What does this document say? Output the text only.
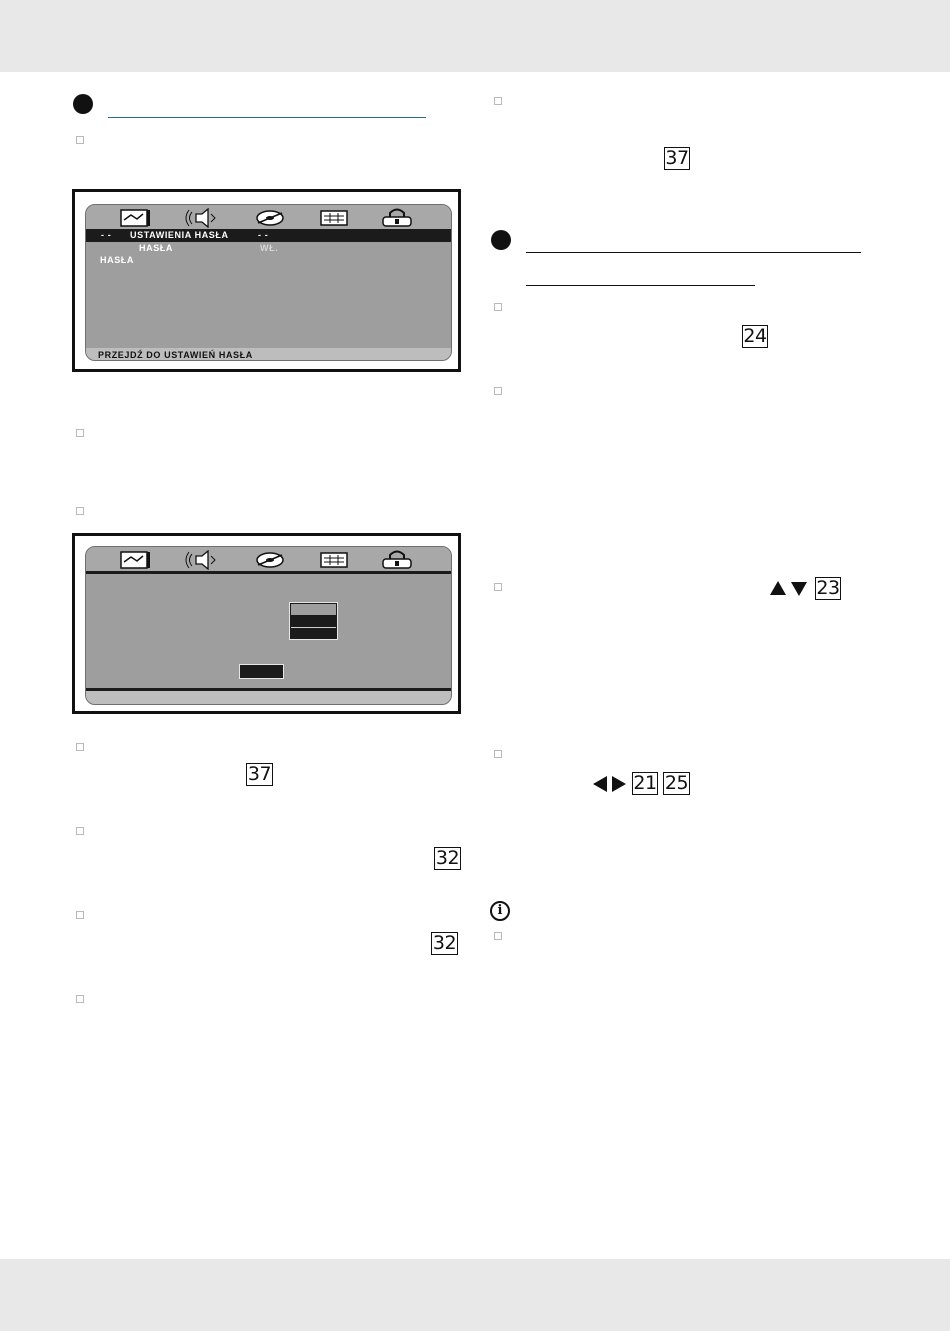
- - USTAWIENIA HASŁA	- -
HASŁA	WŁ.
HASŁA
PRZEJDŹ DO USTAWIEŃ HASŁA
37
32
32
37
24
23
21 25
i
